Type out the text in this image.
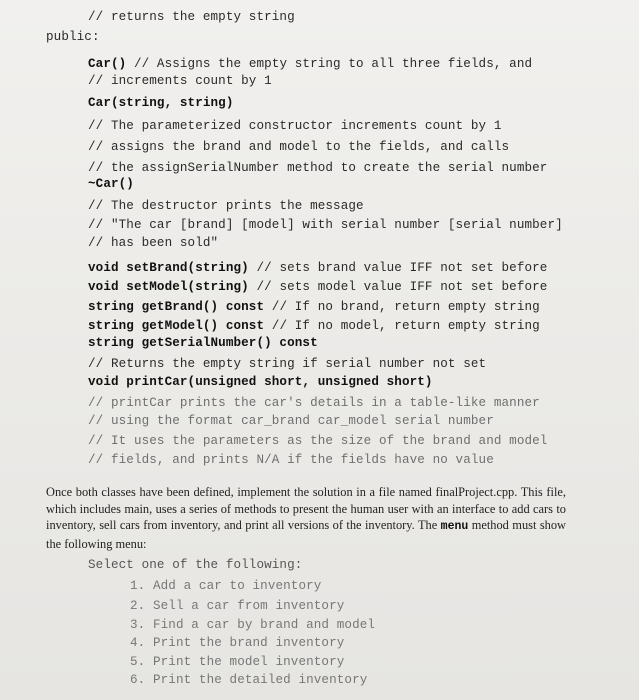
// returns the empty string
public:
Car() // Assigns the empty string to all three fields, and
// increments count by 1
Car(string, string)
// The parameterized constructor increments count by 1
// assigns the brand and model to the fields, and calls
// the assignSerialNumber method to create the serial number
~Car()
// The destructor prints the message
// "The car [brand] [model] with serial number [serial number]
// has been sold"
void setBrand(string) // sets brand value IFF not set before
void setModel(string) // sets model value IFF not set before
string getBrand() const // If no brand, return empty string
string getModel() const // If no model, return empty string
string getSerialNumber() const
// Returns the empty string if serial number not set
void printCar(unsigned short, unsigned short)
// printCar prints the car's details in a table-like manner
// using the format car_brand car_model serial number
// It uses the parameters as the size of the brand and model
// fields, and prints N/A if the fields have no value
Once both classes have been defined, implement the solution in a file named finalProject.cpp. This file, which includes main, uses a series of methods to present the human user with an interface to add cars to inventory, sell cars from inventory, and print all versions of the inventory. The menu method must show the following menu:
Select one of the following:
1. Add a car to inventory
2. Sell a car from inventory
3. Find a car by brand and model
4. Print the brand inventory
5. Print the model inventory
6. Print the detailed inventory
